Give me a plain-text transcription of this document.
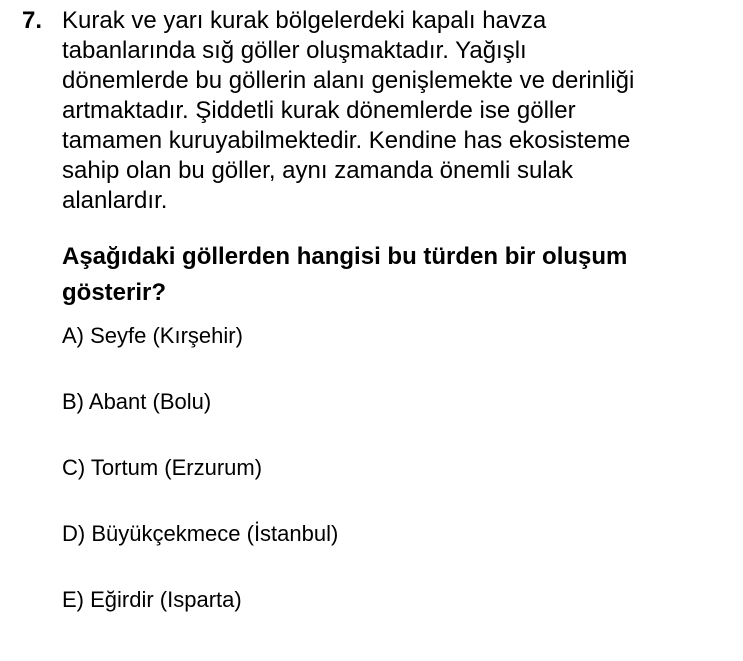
7. Kurak ve yarı kurak bölgelerdeki kapalı havza

tabanlarında sığ göller oluşmaktadır. Yağışlı

dönemlerde bu göllerin alanı genişlemekte ve derinliği

artmaktadır. Şiddetli kurak dönemlerde ise göller

tamamen kuruyabilmektedir. Kendine has ekosisteme

sahip olan bu göller, aynı zamanda önemli sulak

alanlardır.

Aşağıdaki göllerden hangisi bu türden bir oluşum

gösterir?

A) Seyfe (Kırşehir)
B) Abant (Bolu)
C) Tortum (Erzurum)
D) Büyükçekmece (İstanbul)
E) Eğirdir (Isparta)
